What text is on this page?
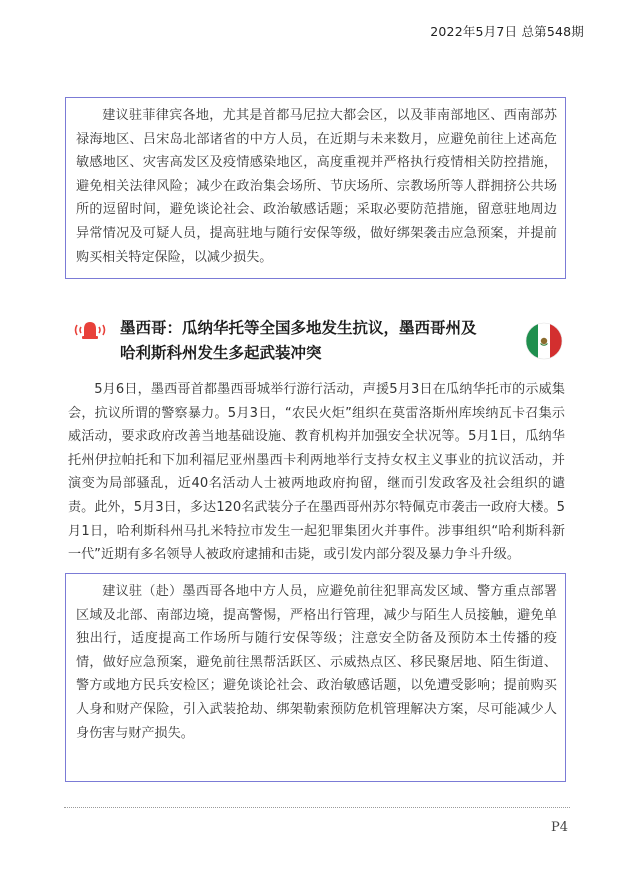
2022年5月7日 总第548期

建议驻菲律宾各地，尤其是首都马尼拉大都会区，以及菲南部地区、西南部苏禄海地区、吕宋岛北部诸省的中方人员，在近期与未来数月，应避免前往上述高危敏感地区、灾害高发区及疫情感染地区，高度重视并严格执行疫情相关防控措施，避免相关法律风险；减少在政治集会场所、节庆场所、宗教场所等人群拥挤公共场所的逗留时间，避免谈论社会、政治敏感话题；采取必要防范措施，留意驻地周边异常情况及可疑人员，提高驻地与随行安保等级，做好绑架袭击应急预案，并提前购买相关特定保险，以减少损失。

墨西哥：瓜纳华托等全国多地发生抗议，墨西哥州及
哈利斯科州发生多起武装冲突

5月6日，墨西哥首都墨西哥城举行游行活动，声援5月3日在瓜纳华托市的示威集会，抗议所谓的警察暴力。5月3日，“农民火炬”组织在莫雷洛斯州库埃纳瓦卡召集示威活动，要求政府改善当地基础设施、教育机构并加强安全状况等。5月1日，瓜纳华托州伊拉帕托和下加利福尼亚州墨西卡利两地举行支持女权主义事业的抗议活动，并演变为局部骚乱，近40名活动人士被两地政府拘留，继而引发政客及社会组织的谴责。此外，5月3日，多达120名武装分子在墨西哥州苏尔特佩克市袭击一政府大楼。5月1日，哈利斯科州马扎米特拉市发生一起犯罪集团火并事件。涉事组织“哈利斯科新一代”近期有多名领导人被政府逮捕和击毙，或引发内部分裂及暴力争斗升级。

建议驻（赴）墨西哥各地中方人员，应避免前往犯罪高发区域、警方重点部署区域及北部、南部边境，提高警惕，严格出行管理，减少与陌生人员接触，避免单独出行，适度提高工作场所与随行安保等级；注意安全防备及预防本土传播的疫情，做好应急预案，避免前往黑帮活跃区、示威热点区、移民聚居地、陌生街道、警方或地方民兵安检区；避免谈论社会、政治敏感话题，以免遭受影响；提前购买人身和财产保险，引入武装抢劫、绑架勒索预防危机管理解决方案，尽可能减少人身伤害与财产损失。

P4
